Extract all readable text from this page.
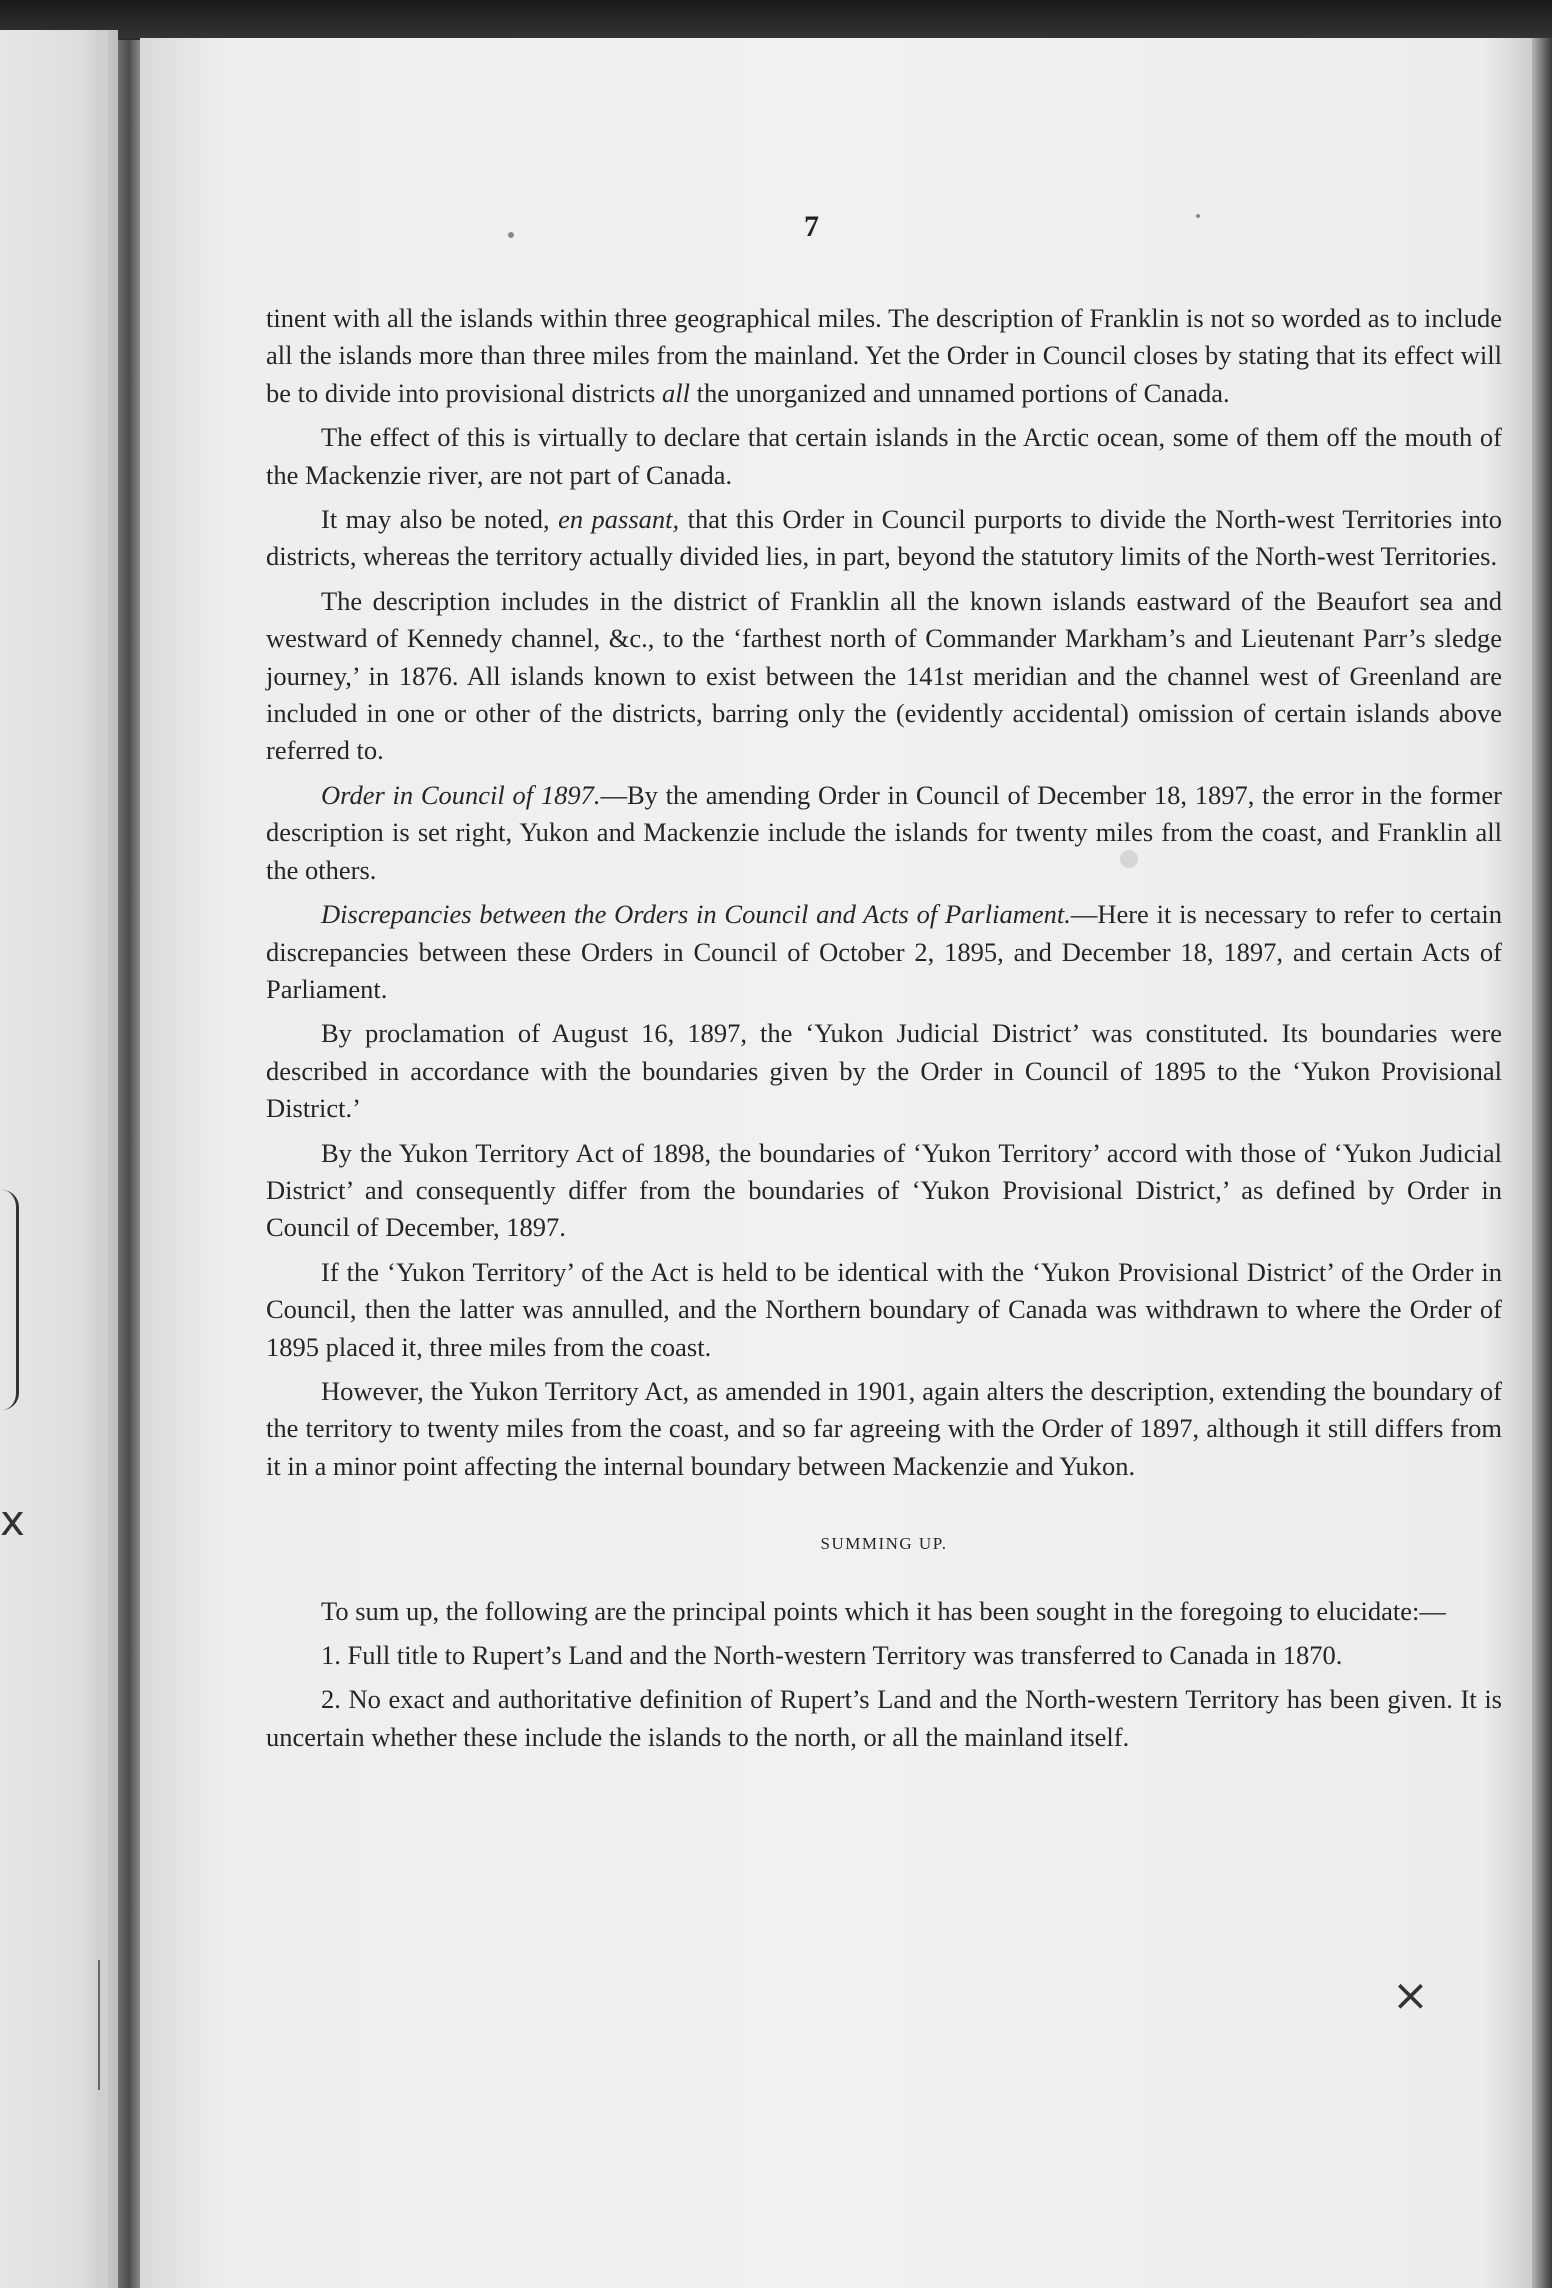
x
7

tinent with all the islands within three geographical miles. The description of Franklin is not so worded as to include all the islands more than three miles from the mainland. Yet the Order in Council closes by stating that its effect will be to divide into provisional districts all the unorganized and unnamed portions of Canada.

The effect of this is virtually to declare that certain islands in the Arctic ocean, some of them off the mouth of the Mackenzie river, are not part of Canada.

It may also be noted, en passant, that this Order in Council purports to divide the North-west Territories into districts, whereas the territory actually divided lies, in part, beyond the statutory limits of the North-west Territories.

The description includes in the district of Franklin all the known islands eastward of the Beaufort sea and westward of Kennedy channel, &c., to the ‘farthest north of Commander Markham’s and Lieutenant Parr’s sledge journey,’ in 1876. All islands known to exist between the 141st meridian and the channel west of Greenland are included in one or other of the districts, barring only the (evidently accidental) omission of certain islands above referred to.

Order in Council of 1897.—By the amending Order in Council of December 18, 1897, the error in the former description is set right, Yukon and Mackenzie include the islands for twenty miles from the coast, and Franklin all the others.

Discrepancies between the Orders in Council and Acts of Parliament.—Here it is necessary to refer to certain discrepancies between these Orders in Council of October 2, 1895, and December 18, 1897, and certain Acts of Parliament.

By proclamation of August 16, 1897, the ‘Yukon Judicial District’ was constituted. Its boundaries were described in accordance with the boundaries given by the Order in Council of 1895 to the ‘Yukon Provisional District.’

By the Yukon Territory Act of 1898, the boundaries of ‘Yukon Territory’ accord with those of ‘Yukon Judicial District’ and consequently differ from the boundaries of ‘Yukon Provisional District,’ as defined by Order in Council of December, 1897.

If the ‘Yukon Territory’ of the Act is held to be identical with the ‘Yukon Provisional District’ of the Order in Council, then the latter was annulled, and the Northern boundary of Canada was withdrawn to where the Order of 1895 placed it, three miles from the coast.

However, the Yukon Territory Act, as amended in 1901, again alters the description, extending the boundary of the territory to twenty miles from the coast, and so far agreeing with the Order of 1897, although it still differs from it in a minor point affecting the internal boundary between Mackenzie and Yukon.

SUMMING UP.

To sum up, the following are the principal points which it has been sought in the foregoing to elucidate:—

1. Full title to Rupert’s Land and the North-western Territory was transferred to Canada in 1870.

2. No exact and authoritative definition of Rupert’s Land and the North-western Territory has been given. It is uncertain whether these include the islands to the north, or all the mainland itself.

×
